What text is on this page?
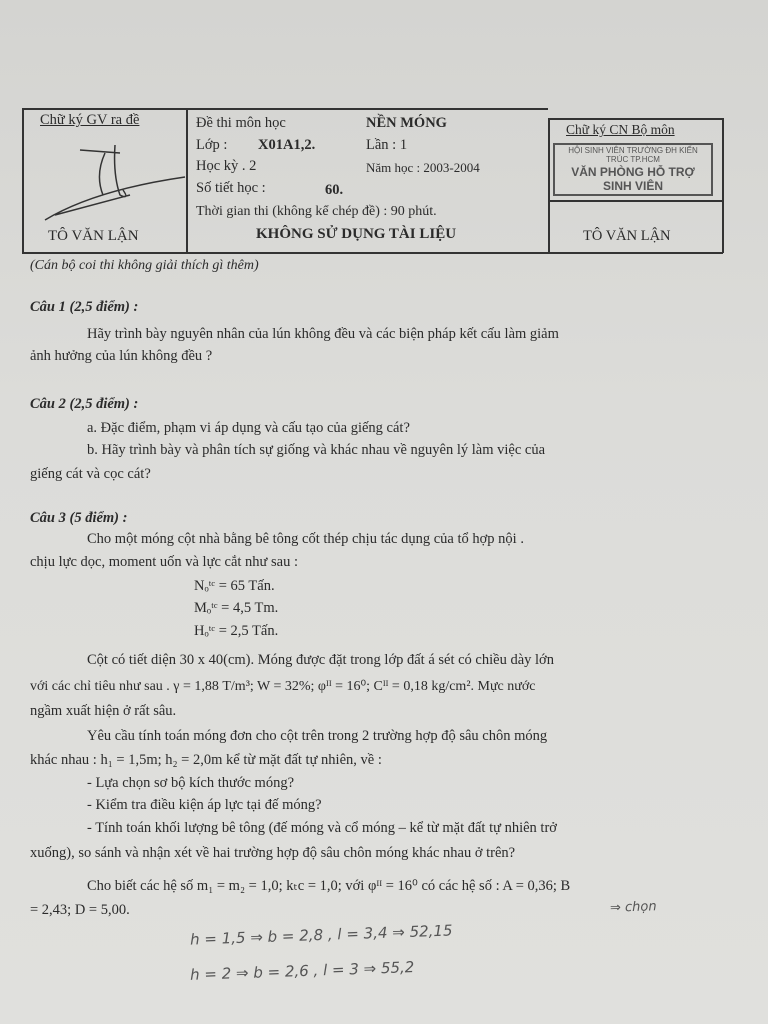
Chữ ký GV ra đề
TÔ VĂN LẬN
Đề thi môn học	NỀN MÓNG
Lớp : X01A1,2.	Lần : 1
Học kỳ . 2	Năm học : 2003-2004
Số tiết học :	60.
Thời gian thi (không kể chép đề) : 90 phút.
KHÔNG SỬ DỤNG TÀI LIỆU
Chữ ký CN Bộ môn
TÔ VĂN LẬN
HỘI SINH VIÊN TRƯỜNG ĐH KIẾN TRÚC TP.HCM
VĂN PHÒNG HỖ TRỢ SINH VIÊN
(Cán bộ coi thi không giải thích gì thêm)
Câu 1 (2,5 điểm) :
Hãy trình bày nguyên nhân của lún không đều và các biện pháp kết cấu làm giảm
ảnh hưởng của lún không đều ?
Câu 2 (2,5 điểm) :
a. Đặc điểm, phạm vi áp dụng và cấu tạo của giếng cát?
b. Hãy trình bày và phân tích sự giống và khác nhau về nguyên lý làm việc của
giếng cát và cọc cát?
Câu 3 (5 điểm) :
Cho một móng cột nhà bằng bê tông cốt thép chịu tác dụng của tổ hợp nội .
chịu lực dọc, moment uốn và lực cắt như sau :
Nₒᵗᶜ = 65 Tấn.
Mₒᵗᶜ = 4,5 Tm.
Hₒᵗᶜ = 2,5 Tấn.
Cột có tiết diện 30 x 40(cm). Móng được đặt trong lớp đất á sét có chiều dày lớn
với các chỉ tiêu như sau . γ = 1,88 T/m³; W = 32%; φᴵᴵ = 16⁰; Cᴵᴵ = 0,18 kg/cm². Mực nước
ngầm xuất hiện ở rất sâu.
Yêu cầu tính toán móng đơn cho cột trên trong 2 trường hợp độ sâu chôn móng
khác nhau : h₁ = 1,5m; h₂ = 2,0m kể từ mặt đất tự nhiên, về :
- Lựa chọn sơ bộ kích thước móng?
- Kiểm tra điều kiện áp lực tại đế móng?
- Tính toán khối lượng bê tông (đế móng và cổ móng – kể từ mặt đất tự nhiên trở
xuống), so sánh và nhận xét về hai trường hợp độ sâu chôn móng khác nhau ở trên?
Cho biết các hệ số m₁ = m₂ = 1,0; kₜc = 1,0; với φᴵᴵ = 16⁰ có các hệ số : A = 0,36; B
= 2,43; D = 5,00.
h = 1,5 ⇒ b = 2,8 , l = 3,4 ⇒ 52,15
⇒ chọn
h = 2 ⇒ b = 2,6 , l = 3 ⇒ 55,2
